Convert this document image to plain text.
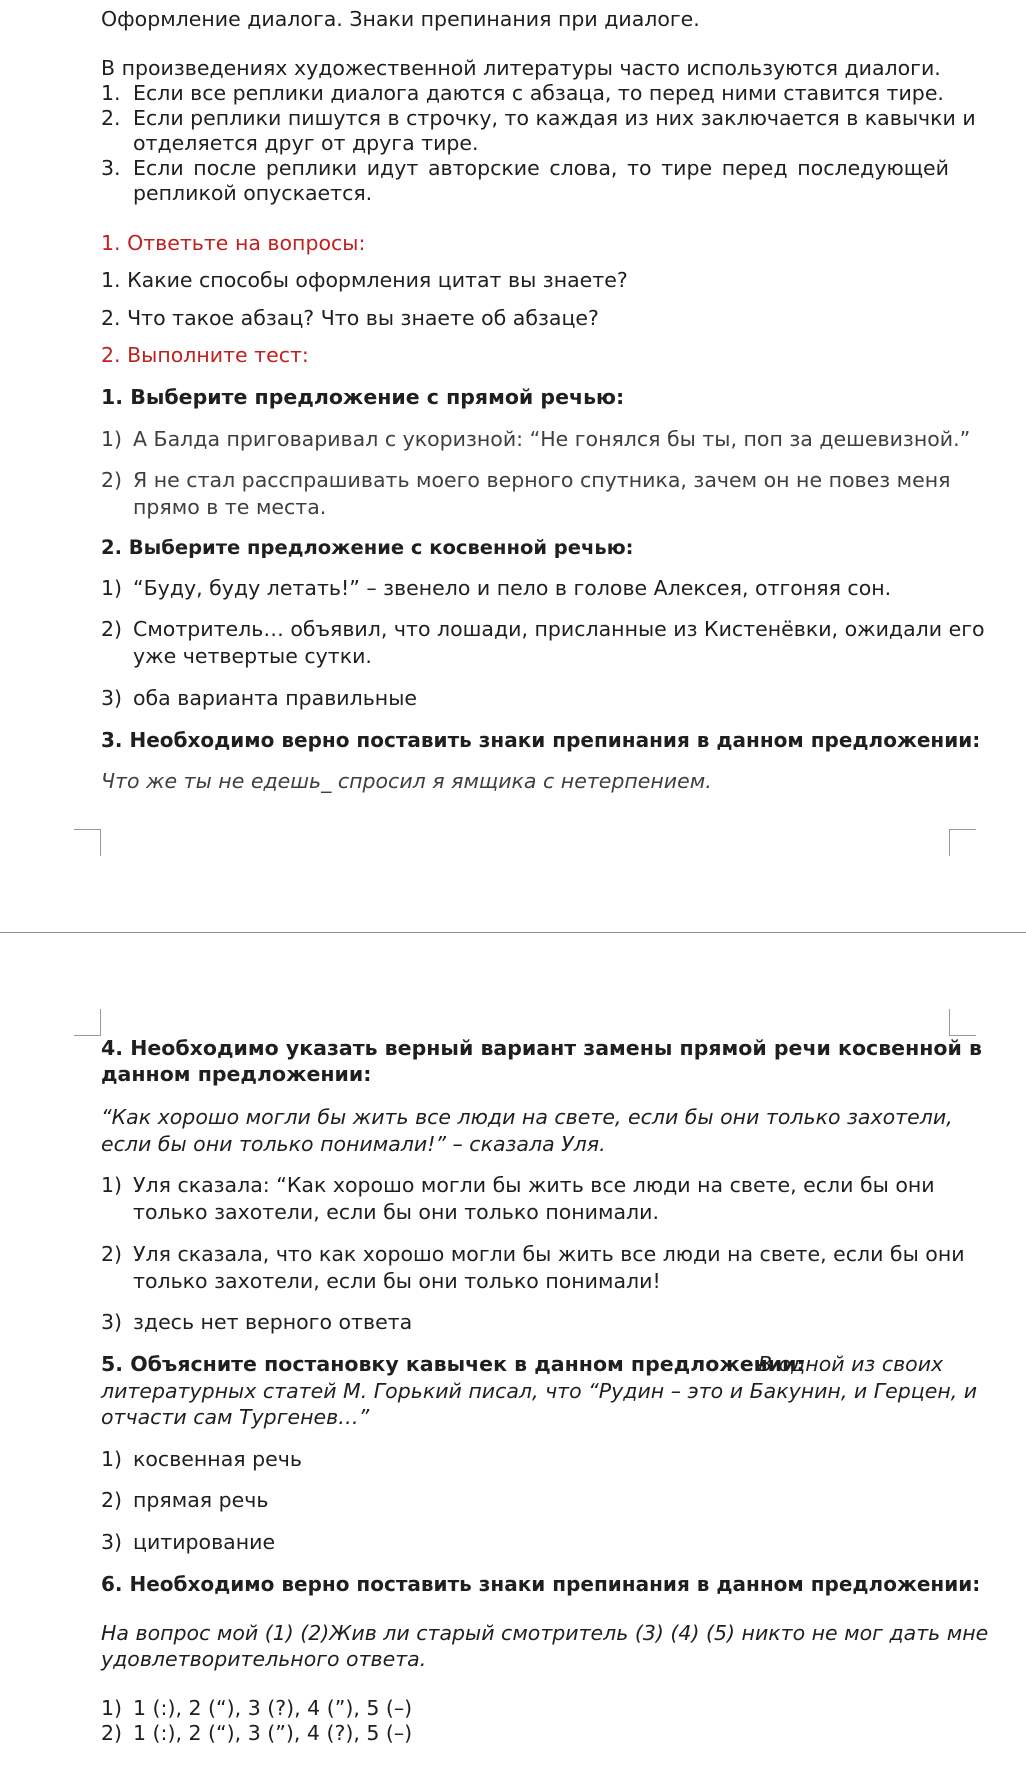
Оформление диалога. Знаки препинания при диалоге.
В произведениях художественной литературы часто используются диалоги.
1. Если все реплики диалога даются с абзаца, то перед ними ставится тире.
2. Если реплики пишутся в строчку, то каждая из них заключается в кавычки и
отделяется друг от друга тире.
3. Если после реплики идут авторские слова, то тире перед последующей
репликой опускается.
1. Ответьте на вопросы:
1. Какие способы оформления цитат вы знаете?
2. Что такое абзац? Что вы знаете об абзаце?
2. Выполните тест:
1. Выберите предложение с прямой речью:
1) А Балда приговаривал с укоризной: “Не гонялся бы ты, поп за дешевизной.”
2) Я не стал расспрашивать моего верного спутника, зачем он не повез меня
прямо в те места.
2. Выберите предложение с косвенной речью:
1) “Буду, буду летать!” – звенело и пело в голове Алексея, отгоняя сон.
2) Смотритель… объявил, что лошади, присланные из Кистенёвки, ожидали его
уже четвертые сутки.
3) оба варианта правильные
3. Необходимо верно поставить знаки препинания в данном предложении:
Что же ты не едешь_ спросил я ямщика с нетерпением.
4. Необходимо указать верный вариант замены прямой речи косвенной в
данном предложении:
“Как хорошо могли бы жить все люди на свете, если бы они только захотели,
если бы они только понимали!” – сказала Уля.
1) Уля сказала: “Как хорошо могли бы жить все люди на свете, если бы они
только захотели, если бы они только понимали.
2) Уля сказала, что как хорошо могли бы жить все люди на свете, если бы они
только захотели, если бы они только понимали!
3) здесь нет верного ответа
5. Объясните постановку кавычек в данном предложении:
В одной из своих
литературных статей М. Горький писал, что “Рудин – это и Бакунин, и Герцен, и
отчасти сам Тургенев…”
1) косвенная речь
2) прямая речь
3) цитирование
6. Необходимо верно поставить знаки препинания в данном предложении:
На вопрос мой (1) (2)Жив ли старый смотритель (3) (4) (5) никто не мог дать мне
удовлетворительного ответа.
1) 1 (:), 2 (“), 3 (?), 4 (”), 5 (–)
2) 1 (:), 2 (“), 3 (”), 4 (?), 5 (–)
